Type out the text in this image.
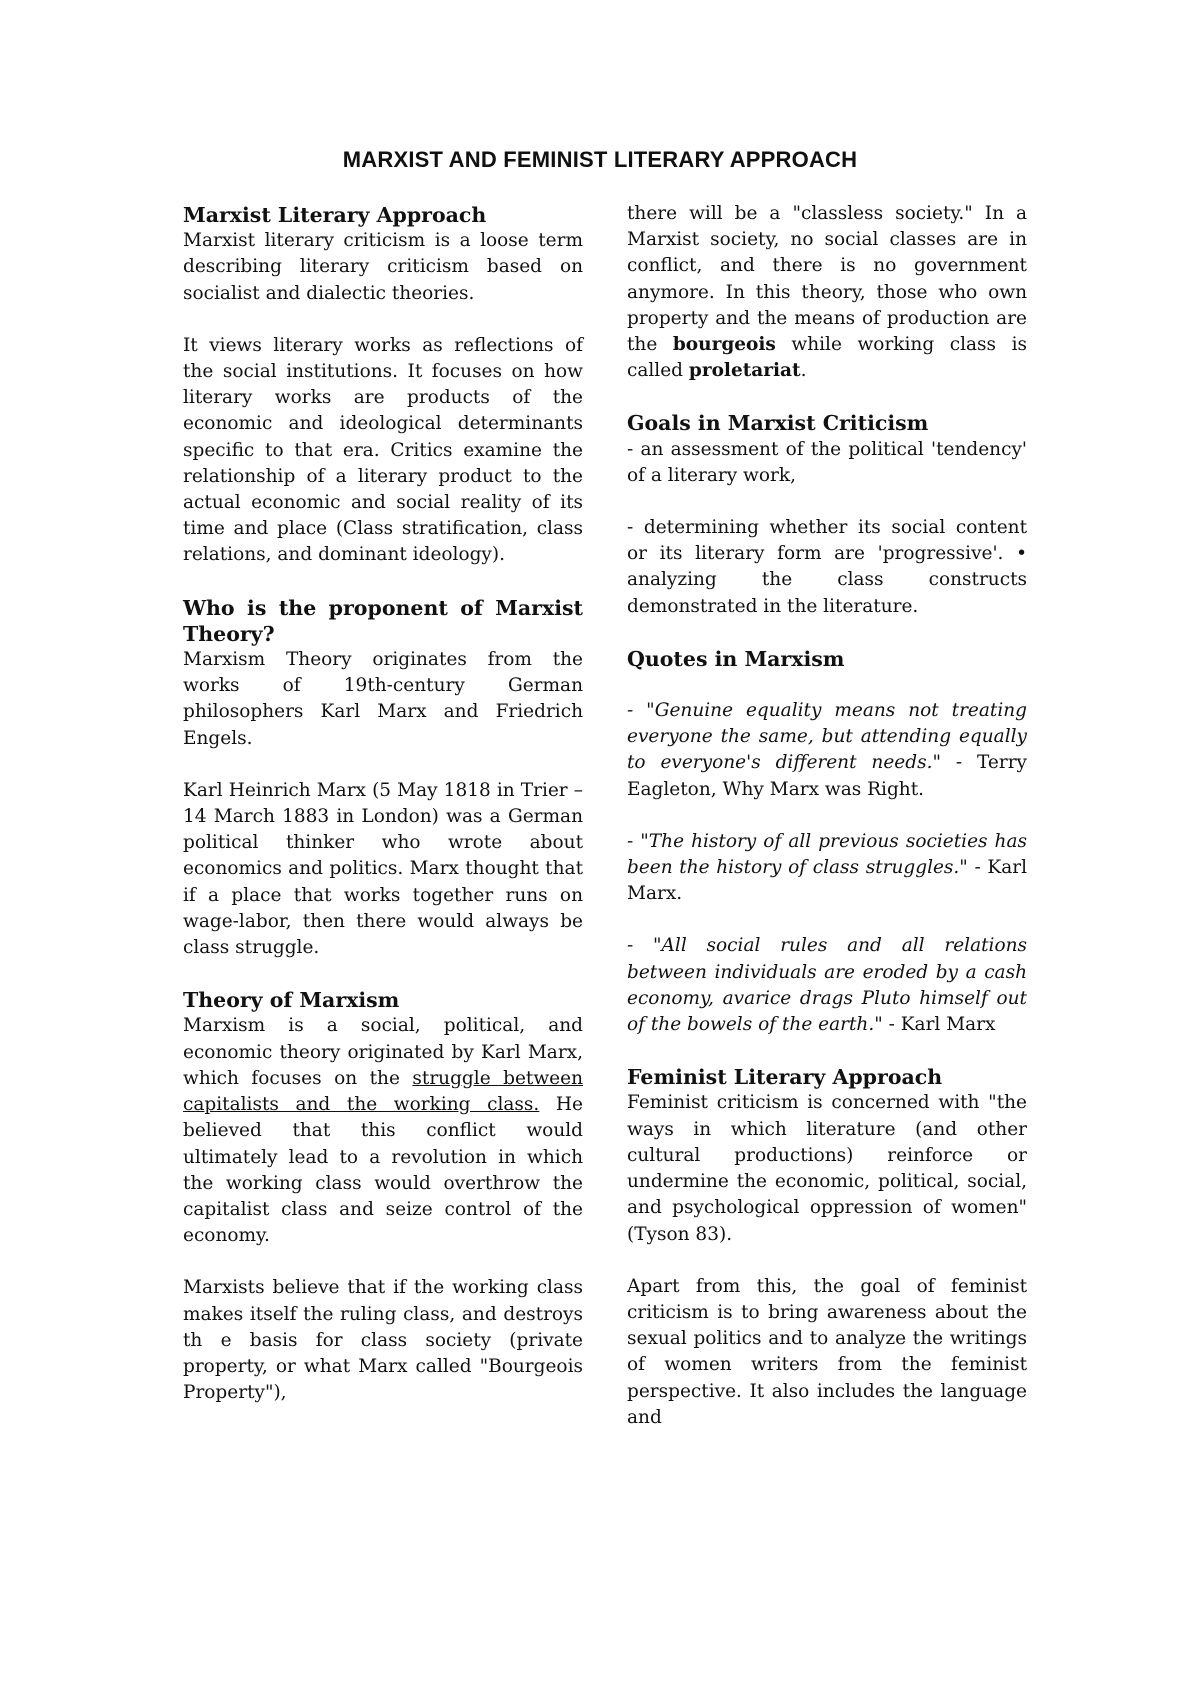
MARXIST AND FEMINIST LITERARY APPROACH
Marxist Literary Approach

Marxist literary criticism is a loose term describing literary criticism based on socialist and dialectic theories.

It views literary works as reflections of the social institutions. It focuses on how literary works are products of the economic and ideological determinants specific to that era. Critics examine the relationship of a literary product to the actual economic and social reality of its time and place (Class stratification, class relations, and dominant ideology).

Who is the proponent of Marxist Theory?

Marxism Theory originates from the works of 19th-century German philosophers Karl Marx and Friedrich Engels.

Karl Heinrich Marx (5 May 1818 in Trier – 14 March 1883 in London) was a German political thinker who wrote about economics and politics. Marx thought that if a place that works together runs on wage-labor, then there would always be class struggle.

Theory of Marxism

Marxism is a social, political, and economic theory originated by Karl Marx, which focuses on the struggle between capitalists and the working class. He believed that this conflict would ultimately lead to a revolution in which the working class would overthrow the capitalist class and seize control of the economy.

Marxists believe that if the working class makes itself the ruling class, and destroys th e basis for class society (private property, or what Marx called "Bourgeois Property"),

there will be a "classless society." In a Marxist society, no social classes are in conflict, and there is no government anymore. In this theory, those who own property and the means of production are the bourgeois while working class is called proletariat.

Goals in Marxist Criticism

- an assessment of the political 'tendency' of a literary work,

- determining whether its social content or its literary form are 'progressive'. • analyzing the class constructs demonstrated in the literature.

Quotes in Marxism

- "Genuine equality means not treating everyone the same, but attending equally to everyone's different needs." - Terry Eagleton, Why Marx was Right.

- "The history of all previous societies has been the history of class struggles." - Karl Marx.

- "All social rules and all relations between individuals are eroded by a cash economy, avarice drags Pluto himself out of the bowels of the earth." - Karl Marx

Feminist Literary Approach

Feminist criticism is concerned with "the ways in which literature (and other cultural productions) reinforce or undermine the economic, political, social, and psychological oppression of women" (Tyson 83).

Apart from this, the goal of feminist criticism is to bring awareness about the sexual politics and to analyze the writings of women writers from the feminist perspective. It also includes the language and
